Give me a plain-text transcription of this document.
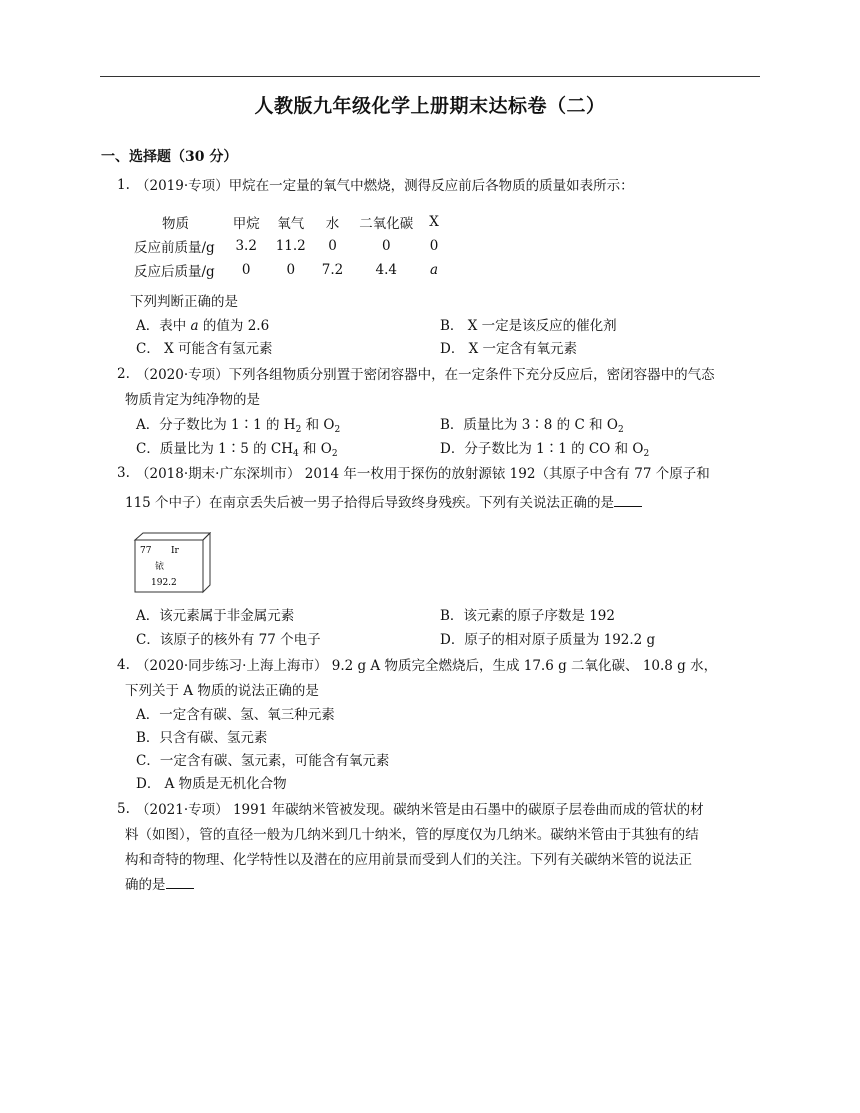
人教版九年级化学上册期末达标卷（二）
一、选择题（30 分）
1. （2019·专项）甲烷在一定量的氧气中燃烧，测得反应前后各物质的质量如表所示：
物质	甲烷	氧气	水	二氧化碳	X
反应前质量/g	3.2	11.2	0	0	0
反应后质量/g	0	0	7.2	4.4	a
下列判断正确的是
A．表中 a 的值为 2.6	B． X 一定是该反应的催化剂
C． X 可能含有氢元素	D． X 一定含有氧元素
2. （2020·专项）下列各组物质分别置于密闭容器中，在一定条件下充分反应后，密闭容器中的气态
物质肯定为纯净物的是
A．分子数比为 1∶1 的 $H_2$ 和 $O_2$	B．质量比为 3∶8 的 C 和 $O_2$
C．质量比为 1∶5 的 $CH_4$ 和 $O_2$	D．分子数比为 1∶1 的 CO 和 $O_2$
3. （2018·期末·广东深圳市） 2014 年一枚用于探伤的放射源铱 192（其原子中含有 77 个原子和
115 个中子）在南京丢失后被一男子拾得后导致终身残疾。下列有关说法正确的是
77 Ir
铱
192.2
A．该元素属于非金属元素	B．该元素的原子序数是 192
C．该原子的核外有 77 个电子	D．原子的相对原子质量为 192.2 g
4. （2020·同步练习·上海上海市） 9.2 g A 物质完全燃烧后，生成 17.6 g 二氧化碳、 10.8 g 水，
下列关于 A 物质的说法正确的是
A．一定含有碳、氢、氧三种元素
B．只含有碳、氢元素
C．一定含有碳、氢元素，可能含有氧元素
D． A 物质是无机化合物
5. （2021·专项） 1991 年碳纳米管被发现。碳纳米管是由石墨中的碳原子层卷曲而成的管状的材
料（如图），管的直径一般为几纳米到几十纳米，管的厚度仅为几纳米。碳纳米管由于其独有的结
构和奇特的物理、化学特性以及潜在的应用前景而受到人们的关注。下列有关碳纳米管的说法正
确的是
